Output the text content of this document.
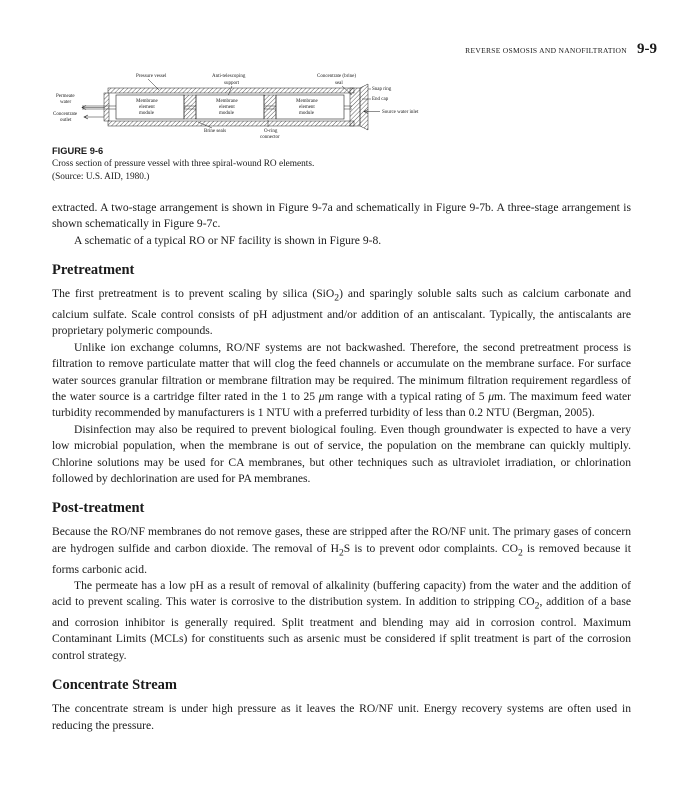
REVERSE OSMOSIS AND NANOFILTRATION 9-9
Pressure vessel	Anti-telescoping
support
Concentrate (brine)
seal
Membrane
element
module
Membrane
element
module
Membrane
element
module
Permeate
water
Concentrate
outlet
Snap ring
End cap
Source water inlet
Brine seals	O-ring
connector
FIGURE 9-6
Cross section of pressure vessel with three spiral-wound RO elements.
(Source: U.S. AID, 1980.)

extracted. A two-stage arrangement is shown in Figure 9-7a and schematically in Figure 9-7b. A three-stage arrangement is shown schematically in Figure 9-7c.

A schematic of a typical RO or NF facility is shown in Figure 9-8.

Pretreatment

The first pretreatment is to prevent scaling by silica (SiO$_2$) and sparingly soluble salts such as calcium carbonate and calcium sulfate. Scale control consists of pH adjustment and/or addition of an antiscalant. Typically, the antiscalants are proprietary polymeric compounds.

Unlike ion exchange columns, RO/NF systems are not backwashed. Therefore, the second pretreatment process is filtration to remove particulate matter that will clog the feed channels or accumulate on the membrane surface. For surface water sources granular filtration or membrane filtration may be required. The minimum filtration requirement regardless of the water source is a cartridge filter rated in the 1 to 25 μm range with a typical rating of 5 μm. The maximum feed water turbidity recommended by manufacturers is 1 NTU with a preferred turbidity of less than 0.2 NTU (Bergman, 2005).

Disinfection may also be required to prevent biological fouling. Even though groundwater is expected to have a very low microbial population, when the membrane is out of service, the population on the membrane can quickly multiply. Chlorine solutions may be used for CA membranes, but other techniques such as ultraviolet irradiation, or chlorination followed by dechlorination are used for PA membranes.

Post-treatment

Because the RO/NF membranes do not remove gases, these are stripped after the RO/NF unit. The primary gases of concern are hydrogen sulfide and carbon dioxide. The removal of $H_2S$ is to prevent odor complaints. $CO_2$ is removed because it forms carbonic acid.

The permeate has a low pH as a result of removal of alkalinity (buffering capacity) from the water and the addition of acid to prevent scaling. This water is corrosive to the distribution system. In addition to stripping $CO_2$, addition of a base and corrosion inhibitor is generally required. Split treatment and blending may aid in corrosion control. Maximum Contaminant Limits (MCLs) for constituents such as arsenic must be considered if split treatment is part of the corrosion control strategy.

Concentrate Stream

The concentrate stream is under high pressure as it leaves the RO/NF unit. Energy recovery systems are often used in reducing the pressure.
